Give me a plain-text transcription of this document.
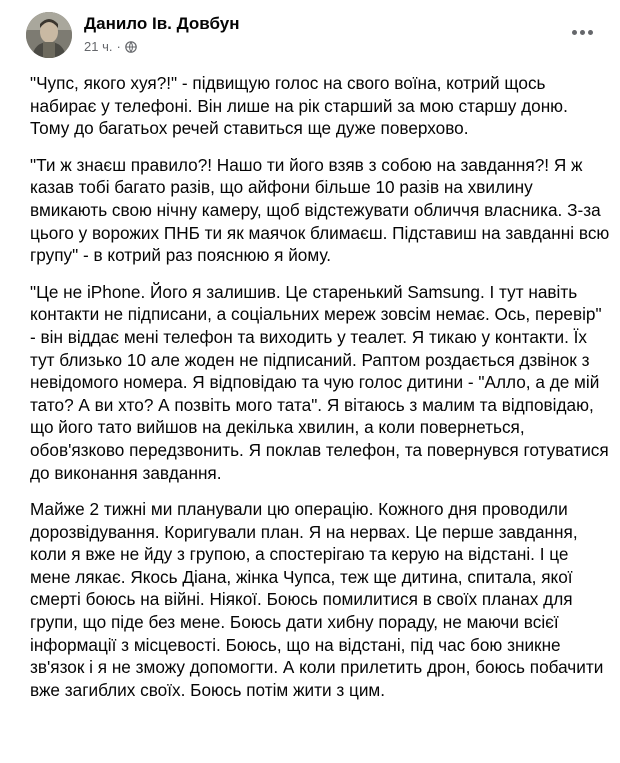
Данило Ів. Довбун
21 ч. ·

"Чупс, якого хуя?!" - підвищую голос на свого воїна, котрий щось набирає у телефоні. Він лише на рік старший за мою старшу доню. Тому до багатьох речей ставиться ще дуже поверхово.

"Ти ж знаєш правило?! Нашо ти його взяв з собою на завдання?! Я ж казав тобі багато разів, що айфони більше 10 разів на хвилину вмикають свою нічну камеру, щоб відстежувати обличчя власника. З-за цього у ворожих ПНБ ти як маячок блимаєш. Підставиш на завданні всю групу" - в котрий раз пояснюю я йому.

"Це не iPhone. Його я залишив. Це старенький Samsung. І тут навіть контакти не підписани, а соціальних мереж зовсім немає. Ось, перевір" - він віддає мені телефон та виходить у теалет. Я тикаю у контакти. Їх тут близько 10 але жоден не підписаний. Раптом роздається дзвінок з невідомого номера. Я відповідаю та чую голос дитини - "Алло, а де мій тато? А ви хто? А позвіть мого тата". Я вітаюсь з малим та відповідаю, що його тато вийшов на декілька хвилин, а коли повернеться, обов'язково передзвонить. Я поклав телефон, та повернувся готуватися до виконання завдання.

Майже 2 тижні ми планували цю операцію. Кожного дня проводили дорозвідування. Коригували план. Я на нервах. Це перше завдання, коли я вже не йду з групою, а спостерігаю та керую на відстані. І це мене лякає. Якось Діана, жінка Чупса, теж ще дитина, спитала, якої смерті боюсь на війні. Ніякої. Боюсь помилитися в своїх планах для групи, що піде без мене. Боюсь дати хибну пораду, не маючи всієї інформації з місцевості. Боюсь, що на відстані, під час бою зникне зв'язок і я не зможу допомогти. А коли прилетить дрон, боюсь побачити вже загиблих своїх. Боюсь потім жити з цим.
